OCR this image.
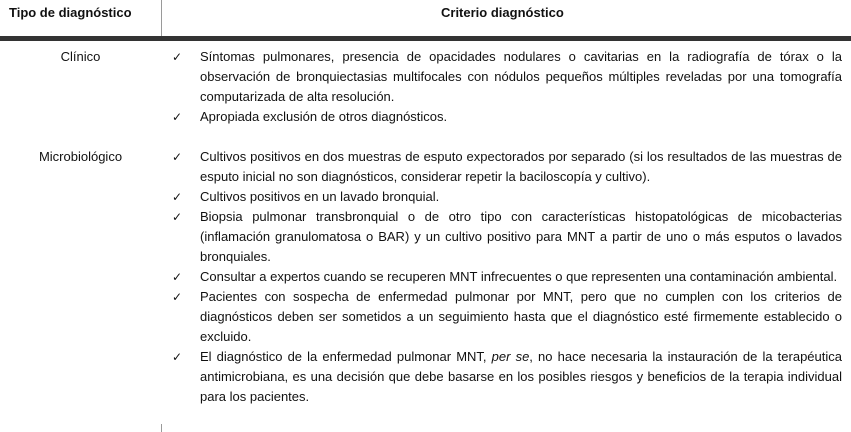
Tipo de diagnóstico	Criterio diagnóstico
Clínico	✓ Síntomas pulmonares, presencia de opacidades nodulares o cavitarias en la radiografía de tórax o la observación de bronquiectasias multifocales con nódulos pequeños múltiples reveladas por una tomografía computarizada de alta resolución.
✓ Apropiada exclusión de otros diagnósticos.
Microbiológico	✓ Cultivos positivos en dos muestras de esputo expectorados por separado (si los resultados de las muestras de esputo inicial no son diagnósticos, considerar repetir la baciloscopía y cultivo).
✓ Cultivos positivos en un lavado bronquial.
✓ Biopsia pulmonar transbronquial o de otro tipo con características histopatológicas de micobacterias (inflamación granulomatosa o BAR) y un cultivo positivo para MNT a partir de uno o más esputos o lavados bronquiales.
✓ Consultar a expertos cuando se recuperen MNT infrecuentes o que representen una contaminación ambiental.
✓ Pacientes con sospecha de enfermedad pulmonar por MNT, pero que no cumplen con los criterios de diagnósticos deben ser sometidos a un seguimiento hasta que el diagnóstico esté firmemente establecido o excluido.
✓ El diagnóstico de la enfermedad pulmonar MNT, per se, no hace necesaria la instauración de la terapéutica antimicrobiana, es una decisión que debe basarse en los posibles riesgos y beneficios de la terapia individual para los pacientes.
